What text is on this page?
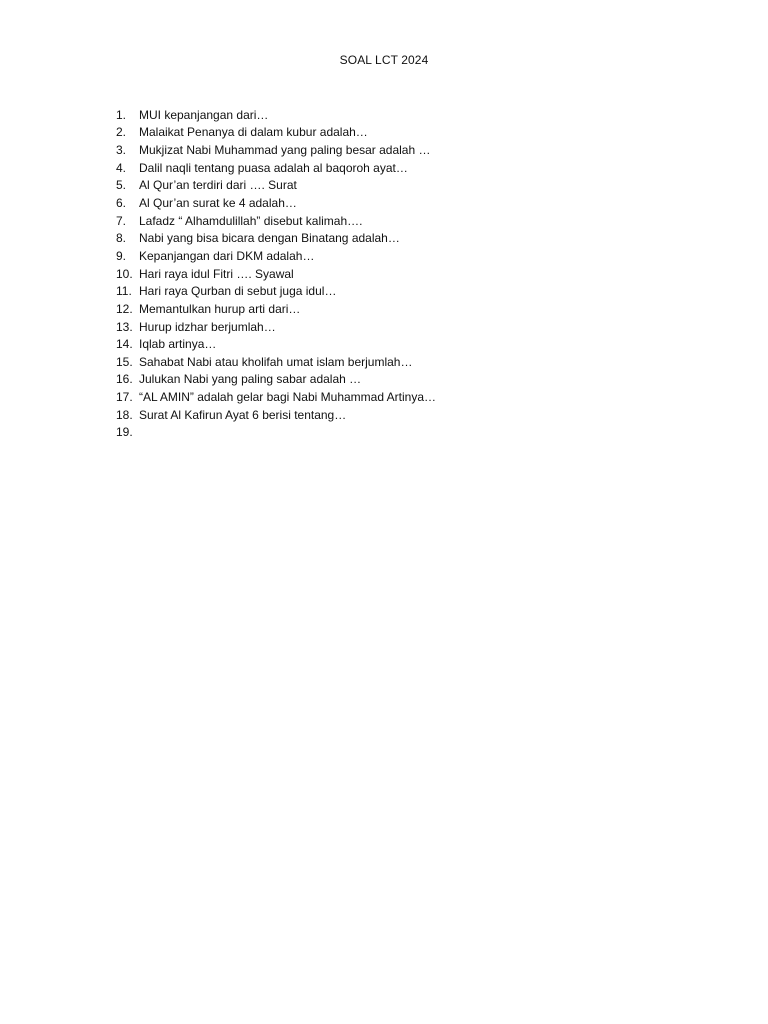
SOAL LCT 2024
1.	MUI kepanjangan dari…
2.	Malaikat Penanya di dalam kubur adalah…
3.	Mukjizat Nabi Muhammad yang paling besar adalah …
4.	Dalil naqli tentang puasa adalah al baqoroh ayat…
5.	Al Qur’an terdiri dari …. Surat
6.	Al Qur’an surat ke 4 adalah…
7.	Lafadz “ Alhamdulillah” disebut kalimah….
8.	Nabi yang bisa bicara dengan Binatang adalah…
9.	Kepanjangan dari DKM adalah…
10. Hari raya idul Fitri …. Syawal
11. Hari raya Qurban di sebut juga idul…
12. Memantulkan hurup arti dari…
13. Hurup idzhar berjumlah…
14. Iqlab artinya…
15. Sahabat Nabi atau kholifah umat islam berjumlah…
16. Julukan Nabi yang paling sabar adalah …
17. “AL AMIN” adalah gelar bagi Nabi Muhammad Artinya…
18. Surat Al Kafirun Ayat 6 berisi tentang…
19.
